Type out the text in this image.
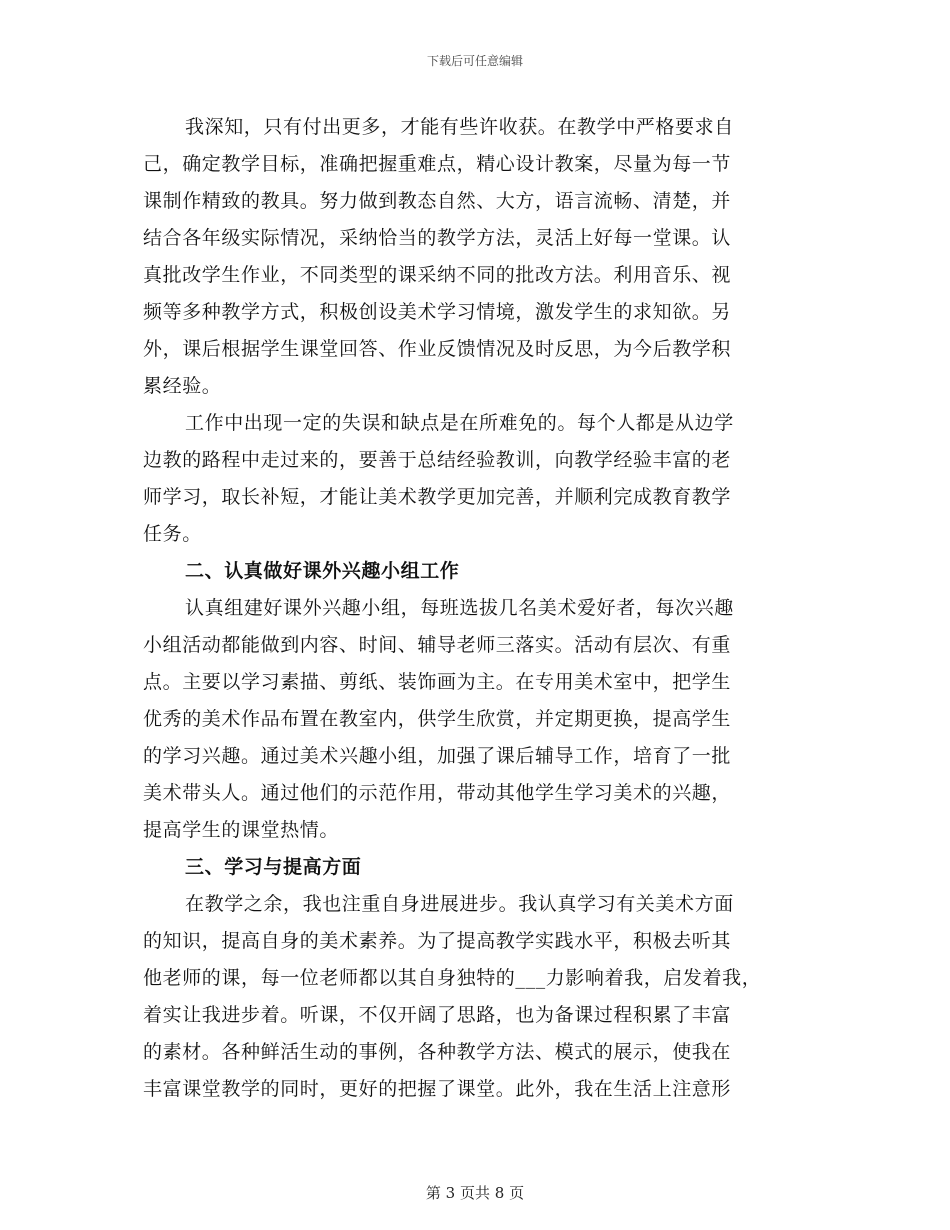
下载后可任意编辑
我深知，只有付出更多，才能有些许收获。在教学中严格要求自
己，确定教学目标，准确把握重难点，精心设计教案，尽量为每一节
课制作精致的教具。努力做到教态自然、大方，语言流畅、清楚，并
结合各年级实际情况，采纳恰当的教学方法，灵活上好每一堂课。认
真批改学生作业，不同类型的课采纳不同的批改方法。利用音乐、视
频等多种教学方式，积极创设美术学习情境，激发学生的求知欲。另
外，课后根据学生课堂回答、作业反馈情况及时反思，为今后教学积
累经验。
工作中出现一定的失误和缺点是在所难免的。每个人都是从边学
边教的路程中走过来的，要善于总结经验教训，向教学经验丰富的老
师学习，取长补短，才能让美术教学更加完善，并顺利完成教育教学
任务。
二、认真做好课外兴趣小组工作
认真组建好课外兴趣小组，每班选拔几名美术爱好者，每次兴趣
小组活动都能做到内容、时间、辅导老师三落实。活动有层次、有重
点。主要以学习素描、剪纸、装饰画为主。在专用美术室中，把学生
优秀的美术作品布置在教室内，供学生欣赏，并定期更换，提高学生
的学习兴趣。通过美术兴趣小组，加强了课后辅导工作，培育了一批
美术带头人。通过他们的示范作用，带动其他学生学习美术的兴趣，
提高学生的课堂热情。
三、学习与提高方面
在教学之余，我也注重自身进展进步。我认真学习有关美术方面
的知识，提高自身的美术素养。为了提高教学实践水平，积极去听其
他老师的课，每一位老师都以其自身独特的___力影响着我，启发着我，
着实让我进步着。听课，不仅开阔了思路，也为备课过程积累了丰富
的素材。各种鲜活生动的事例，各种教学方法、模式的展示，使我在
丰富课堂教学的同时，更好的把握了课堂。此外，我在生活上注意形
第 3 页共 8 页
